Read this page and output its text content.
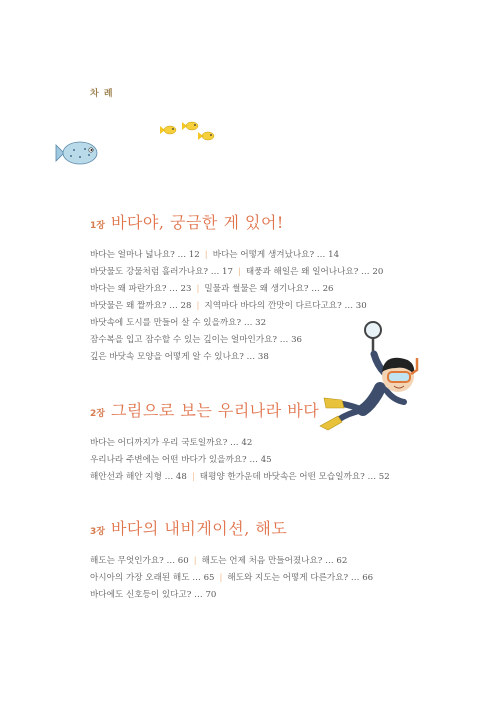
차 례
1장 바다야, 궁금한 게 있어!
바다는 얼마나 넓나요? … 12 | 바다는 어떻게 생겨났나요? … 14
바닷물도 강물처럼 흘러가나요? … 17 | 태풍과 해일은 왜 일어나나요? … 20
바다는 왜 파란가요? … 23 | 밀물과 썰물은 왜 생기나요? … 26
바닷물은 왜 짤까요? … 28 | 지역마다 바다의 깐맛이 다르다고요? … 30
바닷속에 도시를 만들어 살 수 있을까요? … 32
잠수복을 입고 잠수할 수 있는 깊이는 얼마인가요? … 36
깊은 바닷속 모양을 어떻게 알 수 있나요? … 38
2장 그림으로 보는 우리나라 바다
바다는 어디까지가 우리 국토일까요? … 42
우리나라 주변에는 어떤 바다가 있을까요? … 45
해안선과 해안 지형 … 48 | 태평양 한가운데 바닷속은 어떤 모습일까요? … 52
3장 바다의 내비게이션, 해도
해도는 무엇인가요? … 60 | 해도는 언제 처음 만들어졌나요? … 62
아시아의 가장 오래된 해도 … 65 | 해도와 지도는 어떻게 다른가요? … 66
바다에도 신호등이 있다고? … 70
